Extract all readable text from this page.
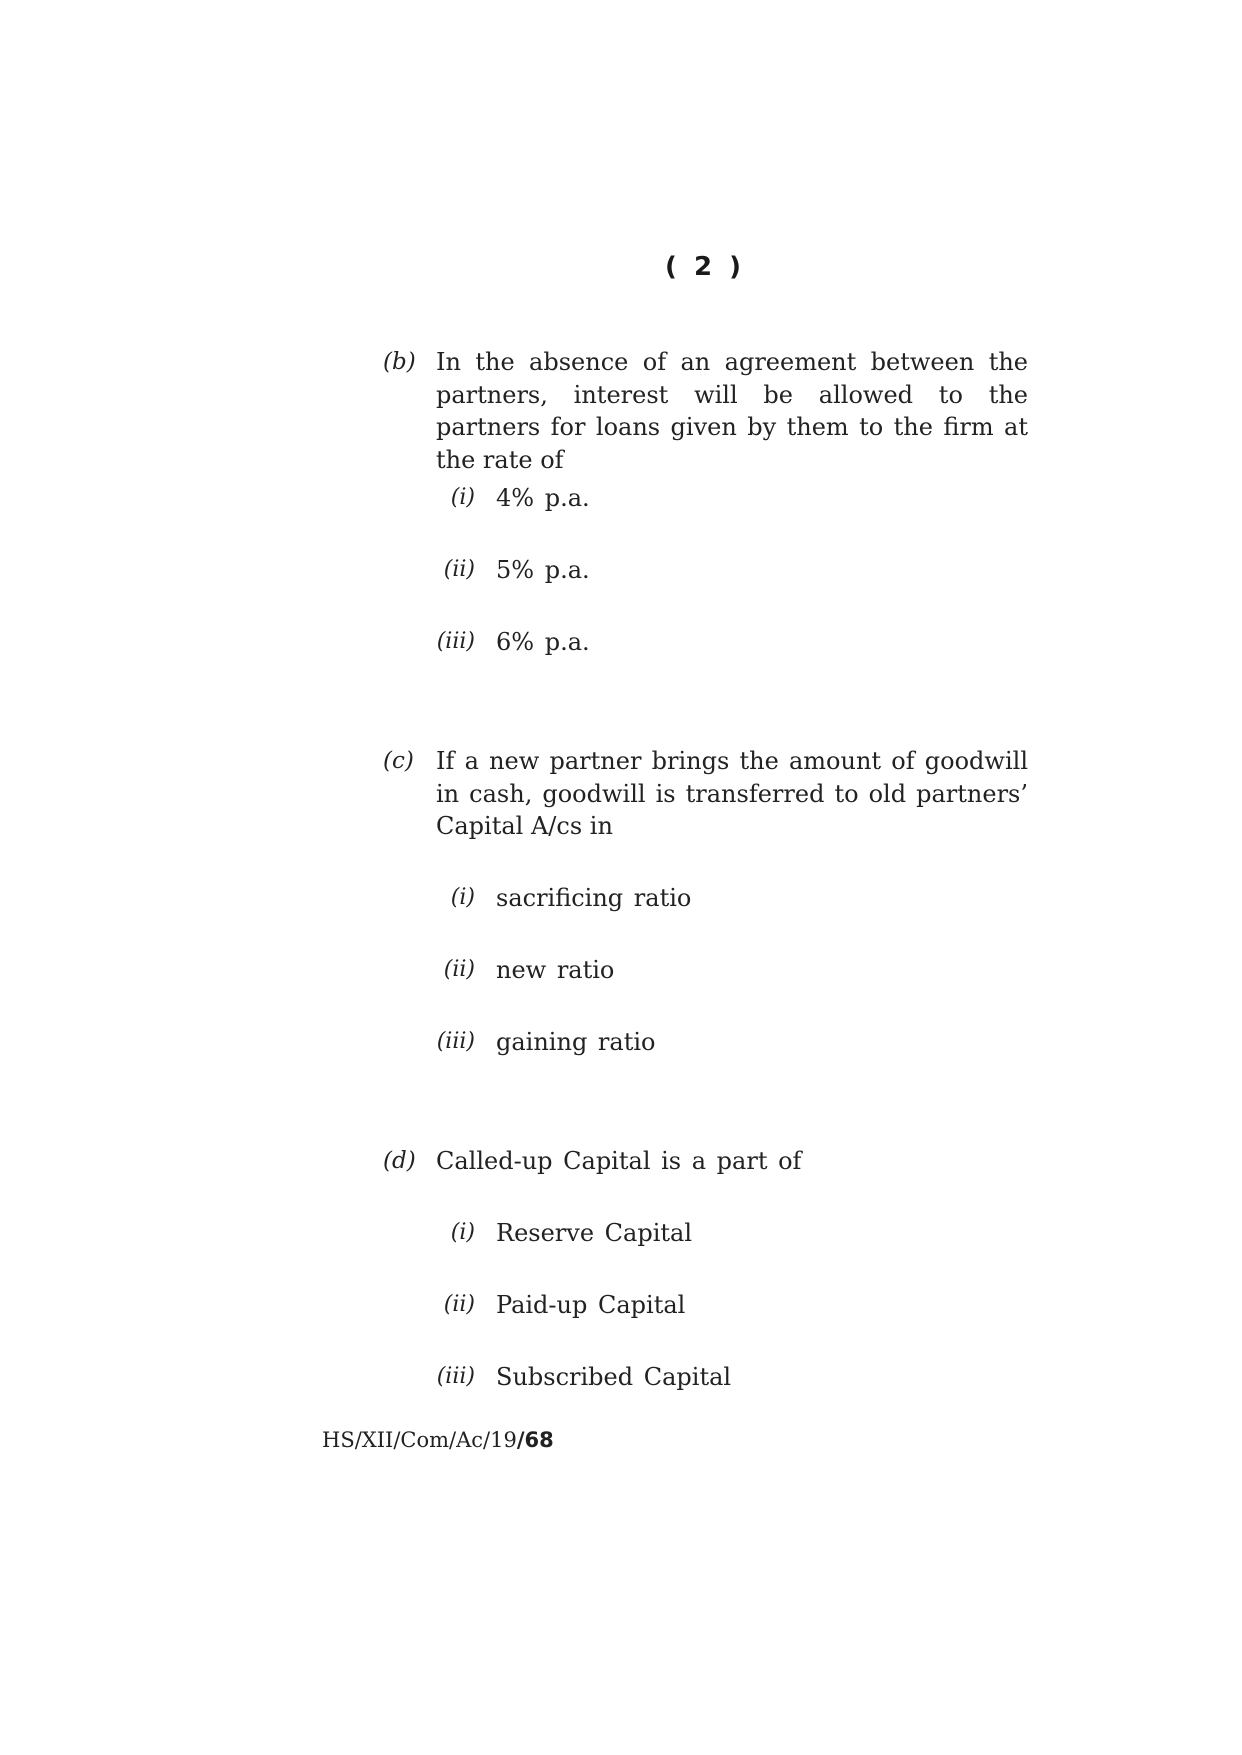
( 2 )
(b) In the absence of an agreement between the partners, interest will be allowed to the partners for loans given by them to the firm at the rate of
(i) 4% p.a.
(ii) 5% p.a.
(iii) 6% p.a.
(c) If a new partner brings the amount of goodwill in cash, goodwill is transferred to old partners’ Capital A/cs in
(i) sacrificing ratio
(ii) new ratio
(iii) gaining ratio
(d) Called-up Capital is a part of
(i) Reserve Capital
(ii) Paid-up Capital
(iii) Subscribed Capital
HS/XII/Com/Ac/19/68
